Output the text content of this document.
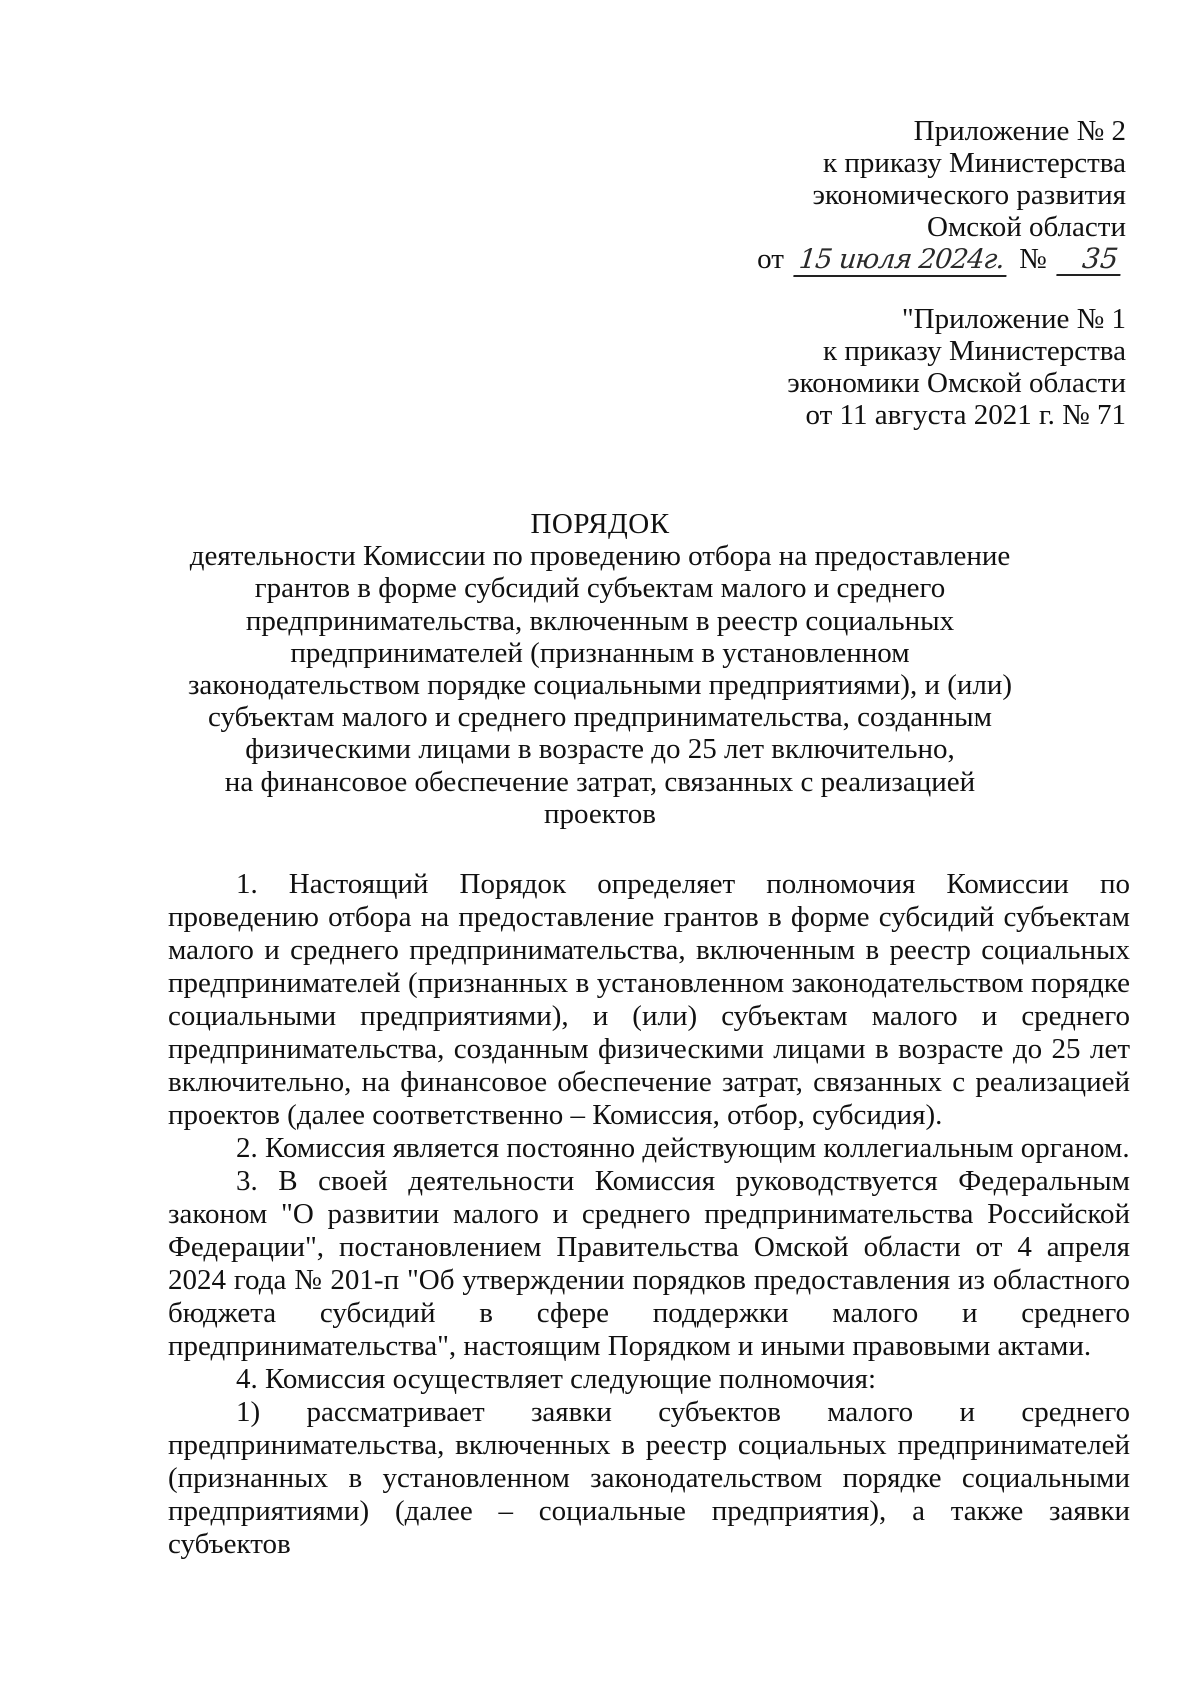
Приложение № 2
к приказу Министерства
экономического развития
Омской области
от 15 июля 2024г. № 35
"Приложение № 1
к приказу Министерства
экономики Омской области
от 11 августа 2021 г. № 71
ПОРЯДОК
деятельности Комиссии по проведению отбора на предоставление
грантов в форме субсидий субъектам малого и среднего
предпринимательства, включенным в реестр социальных
предпринимателей (признанным в установленном
законодательством порядке социальными предприятиями), и (или)
субъектам малого и среднего предпринимательства, созданным
физическими лицами в возрасте до 25 лет включительно,
на финансовое обеспечение затрат, связанных с реализацией
проектов

1. Настоящий Порядок определяет полномочия Комиссии по проведению отбора на предоставление грантов в форме субсидий субъектам малого и среднего предпринимательства, включенным в реестр социальных предпринимателей (признанных в установленном законодательством порядке социальными предприятиями), и (или) субъектам малого и среднего предпринимательства, созданным физическими лицами в возрасте до 25 лет включительно, на финансовое обеспечение затрат, связанных с реализацией проектов (далее соответственно – Комиссия, отбор, субсидия).

2. Комиссия является постоянно действующим коллегиальным органом.

3. В своей деятельности Комиссия руководствуется Федеральным законом "О развитии малого и среднего предпринимательства Российской Федерации", постановлением Правительства Омской области от 4 апреля 2024 года № 201-п "Об утверждении порядков предоставления из областного бюджета субсидий в сфере поддержки малого и среднего предпринимательства", настоящим Порядком и иными правовыми актами.

4. Комиссия осуществляет следующие полномочия:

1) рассматривает заявки субъектов малого и среднего предпринимательства, включенных в реестр социальных предпринимателей (признанных в установленном законодательством порядке социальными предприятиями) (далее – социальные предприятия), а также заявки субъектов
